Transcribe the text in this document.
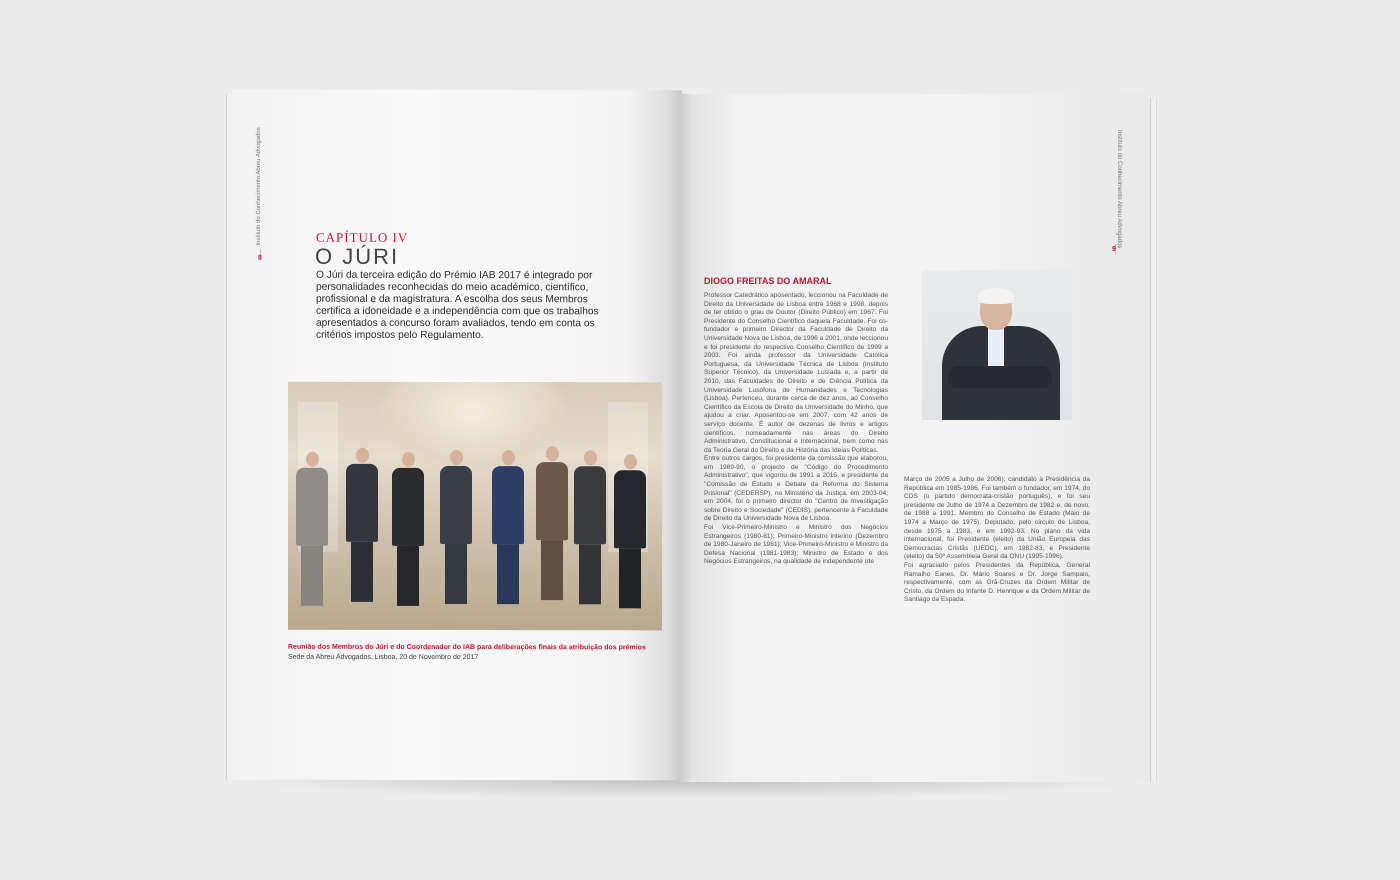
Instituto do Conhecimento Abreu Advogados
8
CAPÍTULO IV
O JÚRI
O Júri da terceira edição do Prémio IAB 2017 é integrado por personalidades reconhecidas do meio académico, científico, profissional e da magistratura. A escolha dos seus Membros certifica a idoneidade e a independência com que os trabalhos apresentados a concurso foram avaliados, tendo em conta os critérios impostos pelo Regulamento.
Reunião dos Membros do Júri e do Coordenador do IAB para deliberações finais da atribuição dos prémios
Sede da Abreu Advogados, Lisboa, 20 de Novembro de 2017
Instituto do Conhecimento Abreu Advogados
9
DIOGO FREITAS DO AMARAL

Professor Catedrático aposentado, leccionou na Faculdade de Direito da Universidade de Lisboa entre 1968 e 1998, depois de ter obtido o grau de Doutor (Direito Público) em 1967. Foi Presidente do Conselho Científico daquela Faculdade. Foi co-fundador e primeiro Director da Faculdade de Direito da Universidade Nova de Lisboa, de 1996 a 2001, onde leccionou e foi presidente do respectivo Conselho Científico de 1999 a 2003. Foi ainda professor da Universidade Católica Portuguesa, da Universidade Técnica de Lisboa (Instituto Superior Técnico), da Universidade Lusíada e, a partir de 2010, das Faculdades de Direito e de Ciência Política da Universidade Lusófona de Humanidades e Tecnologias (Lisboa). Pertenceu, durante cerca de dez anos, ao Conselho Científico da Escola de Direito da Universidade do Minho, que ajudou a criar. Aposentou-se em 2007, com 42 anos de serviço docente. É autor de dezenas de livros e artigos científicos, nomeadamente nas áreas do Direito Administrativo, Constitucional e Internacional, bem como nas da Teoria Geral do Direito e da História das Ideias Políticas.

Entre outros cargos, foi presidente da comissão que elaborou, em 1989-90, o projecto de "Código do Procedimento Administrativo", que vigorou de 1991 a 2015, e presidente da "Comissão de Estudo e Debate da Reforma do Sistema Prisional" (CEDERSP), no Ministério da Justiça, em 2003-04; em 2004, foi o primeiro director do "Centro de Investigação sobre Direito e Sociedade" (CEDIS), pertencente à Faculdade de Direito da Universidade Nova de Lisboa.

Foi Vice-Primeiro-Ministro e Ministro dos Negócios Estrangeiros (1980-81); Primeiro-Ministro interino (Dezembro de 1980-Janeiro de 1981); Vice-Primeiro-Ministro e Ministro da Defesa Nacional (1981-1983); Ministro de Estado e dos Negócios Estrangeiros, na qualidade de independente (de

Março de 2005 a Julho de 2006); candidato à Presidência da República em 1985-1986. Foi também o fundador, em 1974, do CDS (o partido democrata-cristão português), e foi seu presidente de Julho de 1974 a Dezembro de 1982 e, de novo, de 1988 a 1991. Membro do Conselho de Estado (Maio de 1974 a Março de 1975). Deputado, pelo círculo de Lisboa, desde 1975 a 1983, e em 1992-93. No plano da vida internacional, foi Presidente (eleito) da União Europeia das Democracias Cristãs (UEDC), em 1982-83, e Presidente (eleito) da 50ª Assembleia Geral da ONU (1995-1996).

Foi agraciado pelos Presidentes da República, General Ramalho Eanes, Dr. Mário Soares e Dr. Jorge Sampaio, respectivamente, com as Grã-Cruzes da Ordem Militar de Cristo, da Ordem do Infante D. Henrique e da Ordem Militar de Santiago da Espada.
